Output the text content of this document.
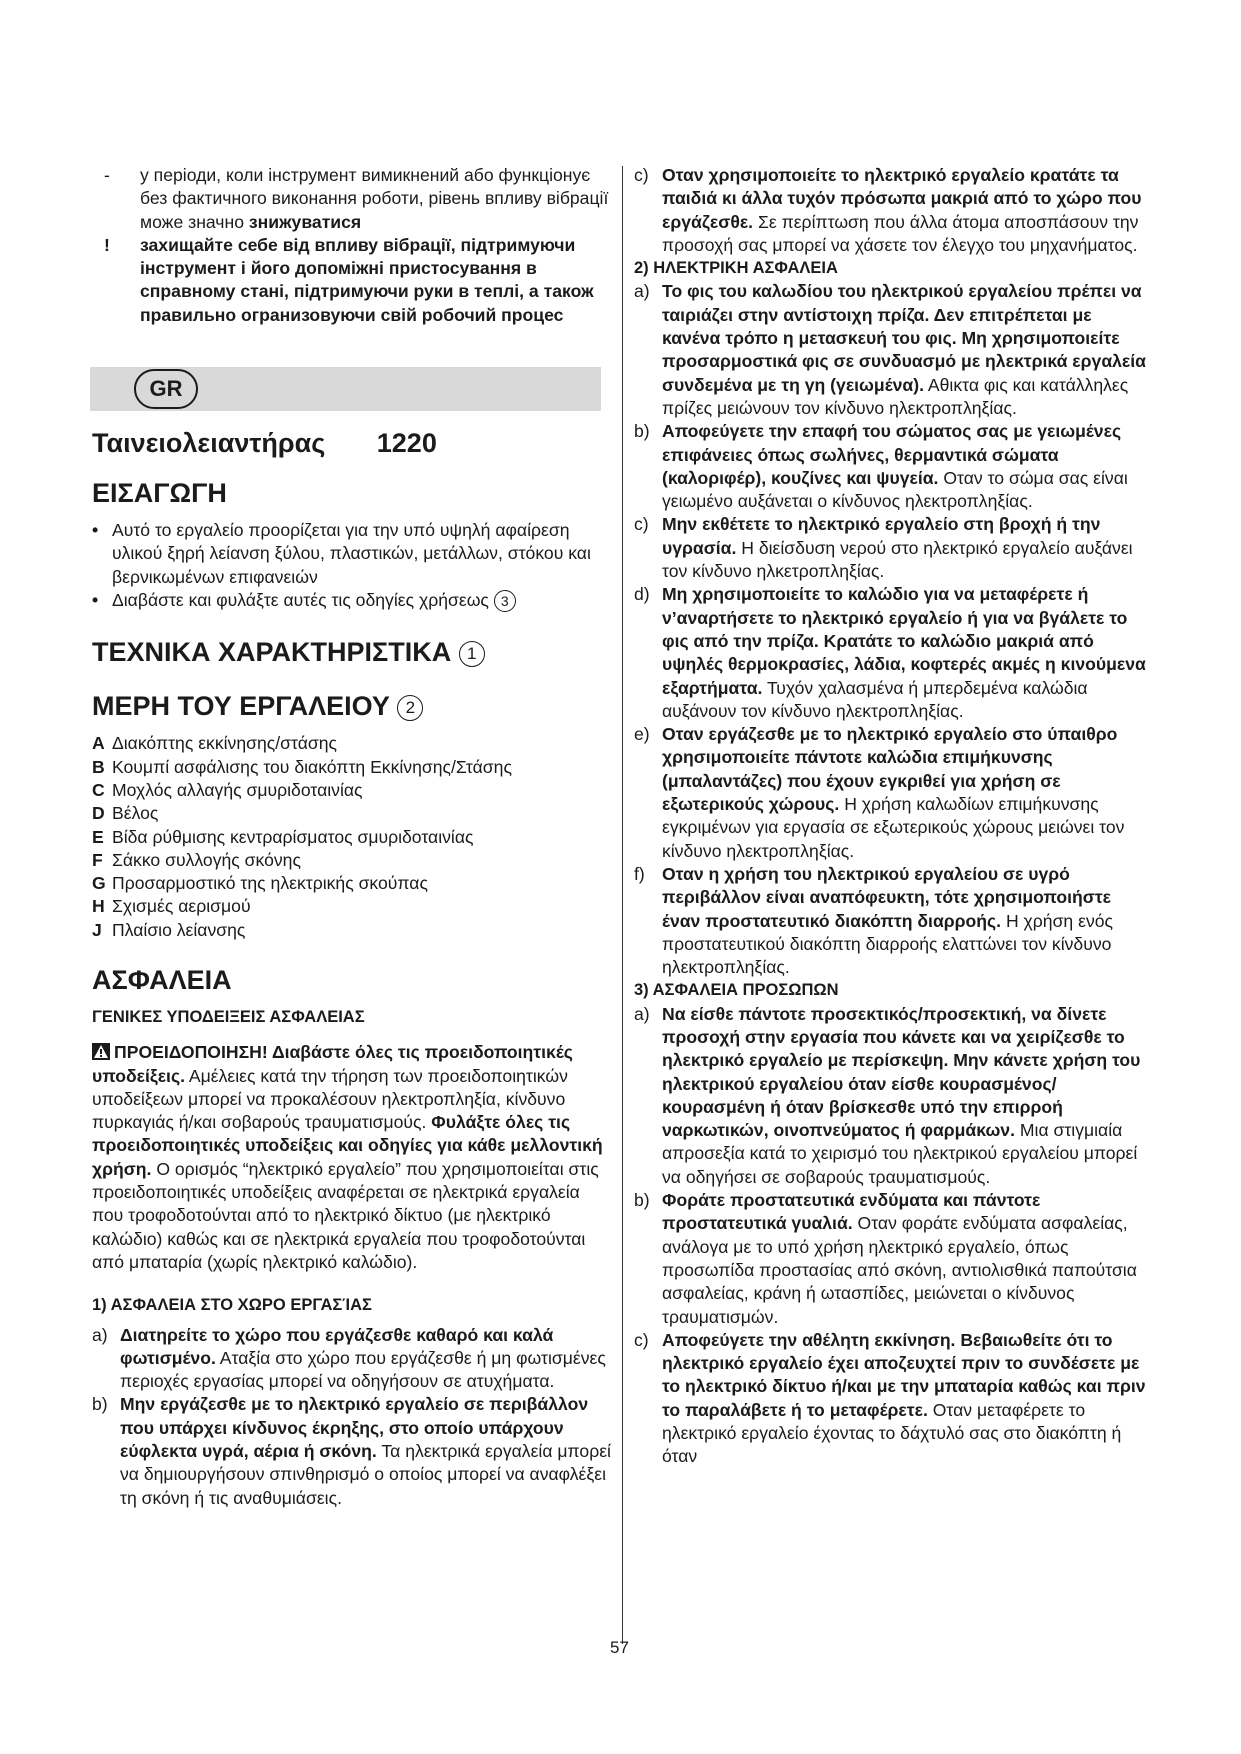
- у періоди, коли інструмент вимикнений або функціонує без фактичного виконання роботи, рівень впливу вібрації може значно знижуватися
! захищайте себе від впливу вібрації, підтримуючи інструмент і його допоміжні пристосування в справному стані, підтримуючи руки в теплі, а також правильно огранизовуючи свій робочий процес
GR
Ταινειολειαντήρας 1220
ΕΙΣΑΓΩΓΗ
• Αυτό το εργαλείο προορίζεται για την υπό υψηλή αφαίρεση υλικού ξηρή λείανση ξύλου, πλαστικών, μετάλλων, στόκου και βερνικωμένων επιφανειών
• Διαβάστε και φυλάξτε αυτές τις οδηγίες χρήσεως 3
ΤΕΧΝΙΚΑ ΧΑΡΑΚΤΗΡΙΣΤΙΚΑ 1
ΜΕΡΗ ΤΟΥ ΕΡΓΑΛΕΙΟΥ 2
A Διακόπτης εκκίνησης/στάσης
B Κουμπί ασφάλισης του διακόπτη Εκκίνησης/Στάσης
C Μοχλός αλλαγής σμυριδοταινίας
D Βέλος
E Βίδα ρύθμισης κεντραρίσματος σμυριδοταινίας
F Σάκκο συλλογής σκόνης
G Προσαρμοστικό της ηλεκτρικής σκούπας
H Σχισμές αερισμού
J Πλαίσιο λείανσης
ΑΣΦΑΛΕΙΑ
ΓΕΝΙΚΕΣ ΥΠΟΔΕΙΞΕΙΣ ΑΣΦΑΛΕΙΑΣ

ΠΡΟΕΙΔΟΠΟΙΗΣΗ! Διαβάστε όλες τις προειδοποιητικές υποδείξεις. Αμέλειες κατά την τήρηση των προειδοποιητικών υποδείξεων μπορεί να προκαλέσουν ηλεκτροπληξία, κίνδυνο πυρκαγιάς ή/και σοβαρούς τραυματισμούς. Φυλάξτε όλες τις προειδοποιητικές υποδείξεις και οδηγίες για κάθε μελλοντική χρήση. Ο ορισμός “ηλεκτρικό εργαλείο” που χρησιμοποιείται στις προειδοποιητικές υποδείξεις αναφέρεται σε ηλεκτρικά εργαλεία που τροφοδοτούνται από το ηλεκτρικό δίκτυο (με ηλεκτρικό καλώδιο) καθώς και σε ηλεκτρικά εργαλεία που τροφοδοτούνται από μπαταρία (χωρίς ηλεκτρικό καλώδιο).

1) ΑΣΦΑΛΕΙΑ ΣΤΟ ΧΩΡΟ ΕΡΓΑΣΊΑΣ
a) Διατηρείτε το χώρο που εργάζεσθε καθαρό και καλά φωτισμένο. Αταξία στο χώρο που εργάζεσθε ή μη φωτισμένες περιοχές εργασίας μπορεί να οδηγήσουν σε ατυχήματα.
b) Μην εργάζεσθε με το ηλεκτρικό εργαλείο σε περιβάλλον που υπάρχει κίνδυνος έκρηξης, στο οποίο υπάρχουν εύφλεκτα υγρά, αέρια ή σκόνη. Τα ηλεκτρικά εργαλεία μπορεί να δημιουργήσουν σπινθηρισμό ο οποίος μπορεί να αναφλέξει τη σκόνη ή τις αναθυμιάσεις.
c) Οταν χρησιμοποιείτε το ηλεκτρικό εργαλείο κρατάτε τα παιδιά κι άλλα τυχόν πρόσωπα μακριά από το χώρο που εργάζεσθε. Σε περίπτωση που άλλα άτομα αποσπάσουν την προσοχή σας μπορεί να χάσετε τον έλεγχο του μηχανήματος.
2) ΗΛΕΚΤΡΙΚΗ ΑΣΦΑΛΕΙΑ
a) Το φις του καλωδίου του ηλεκτρικού εργαλείου πρέπει να ταιριάζει στην αντίστοιχη πρίζα. Δεν επιτρέπεται με κανένα τρόπο η μετασκευή του φις. Μη χρησιμοποιείτε προσαρμοστικά φις σε συνδυασμό με ηλεκτρικά εργαλεία συνδεμένα με τη γη (γειωμένα). Αθικτα φις και κατάλληλες πρίζες μειώνουν τον κίνδυνο ηλεκτροπληξίας.
b) Αποφεύγετε την επαφή του σώματος σας με γειωμένες επιφάνειες όπως σωλήνες, θερμαντικά σώματα (καλοριφέρ), κουζίνες και ψυγεία. Οταν το σώμα σας είναι γειωμένο αυξάνεται ο κίνδυνος ηλεκτροπληξίας.
c) Μην εκθέτετε το ηλεκτρικό εργαλείο στη βροχή ή την υγρασία. Η διείσδυση νερού στο ηλεκτρικό εργαλείο αυξάνει τον κίνδυνο ηλκετροπληξίας.
d) Μη χρησιμοποιείτε το καλώδιο για να μεταφέρετε ή ν’αναρτήσετε το ηλεκτρικό εργαλείο ή για να βγάλετε το φις από την πρίζα. Κρατάτε το καλώδιο μακριά από υψηλές θερμοκρασίες, λάδια, κοφτερές ακμές η κινούμενα εξαρτήματα. Τυχόν χαλασμένα ή μπερδεμένα καλώδια αυξάνουν τον κίνδυνο ηλεκτροπληξίας.
e) Οταν εργάζεσθε με το ηλεκτρικό εργαλείο στο ύπαιθρο χρησιμοποιείτε πάντοτε καλώδια επιμήκυνσης (μπαλαντάζες) που έχουν εγκριθεί για χρήση σε εξωτερικούς χώρους. Η χρήση καλωδίων επιμήκυνσης εγκριμένων για εργασία σε εξωτερικούς χώρους μειώνει τον κίνδυνο ηλεκτροπληξίας.
f) Οταν η χρήση του ηλεκτρικού εργαλείου σε υγρό περιβάλλον είναι αναπόφευκτη, τότε χρησιμοποιήστε έναν προστατευτικό διακόπτη διαρροής. Η χρήση ενός προστατευτικού διακόπτη διαρροής ελαττώνει τον κίνδυνο ηλεκτροπληξίας.
3) ΑΣΦΑΛΕΙΑ ΠΡΟΣΩΠΩΝ
a) Να είσθε πάντοτε προσεκτικός/προσεκτική, να δίνετε προσοχή στην εργασία που κάνετε και να χειρίζεσθε το ηλεκτρικό εργαλείο με περίσκεψη. Μην κάνετε χρήση του ηλεκτρικού εργαλείου όταν είσθε κουρασμένος/κουρασμένη ή όταν βρίσκεσθε υπό την επιρροή ναρκωτικών, οινοπνεύματος ή φαρμάκων. Μια στιγμιαία απροσεξία κατά το χειρισμό του ηλεκτρικού εργαλείου μπορεί να οδηγήσει σε σοβαρούς τραυματισμούς.
b) Φοράτε προστατευτικά ενδύματα και πάντοτε προστατευτικά γυαλιά. Οταν φοράτε ενδύματα ασφαλείας, ανάλογα με το υπό χρήση ηλεκτρικό εργαλείο, όπως προσωπίδα προστασίας από σκόνη, αντιολισθικά παπούτσια ασφαλείας, κράνη ή ωτασπίδες, μειώνεται ο κίνδυνος τραυματισμών.
c) Αποφεύγετε την αθέλητη εκκίνηση. Βεβαιωθείτε ότι το ηλεκτρικό εργαλείο έχει αποζευχτεί πριν το συνδέσετε με το ηλεκτρικό δίκτυο ή/και με την μπαταρία καθώς και πριν το παραλάβετε ή το μεταφέρετε. Οταν μεταφέρετε το ηλεκτρικό εργαλείο έχοντας το δάχτυλό σας στο διακόπτη ή όταν
57
